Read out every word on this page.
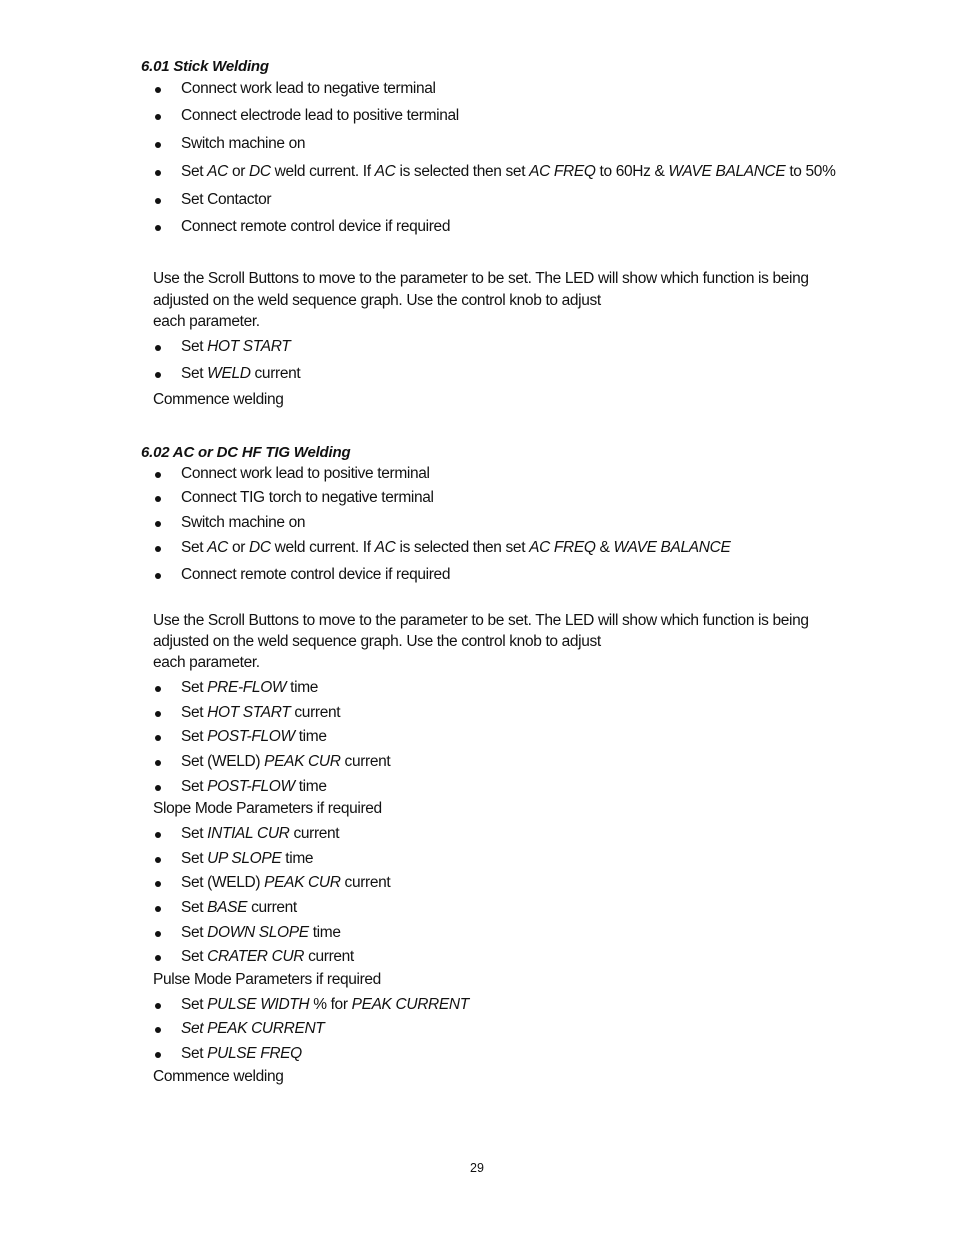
6.01 Stick Welding
Connect work lead to negative terminal
Connect electrode lead to positive terminal
Switch machine on
Set AC or DC weld current. If AC is selected then set AC FREQ to 60Hz & WAVE BALANCE to 50%
Set Contactor
Connect remote control device if required
Use the Scroll Buttons to move to the parameter to be set. The LED will show which function is being
adjusted on the weld sequence graph. Use the control knob to adjust
each parameter.
Set HOT START
Set WELD current
Commence welding
6.02 AC or DC HF TIG Welding
Connect work lead to positive terminal
Connect TIG torch to negative terminal
Switch machine on
Set AC or DC weld current. If AC is selected then set AC FREQ & WAVE BALANCE
Connect remote control device if required
Use the Scroll Buttons to move to the parameter to be set. The LED will show which function is being
adjusted on the weld sequence graph. Use the control knob to adjust
each parameter.
Set PRE-FLOW time
Set HOT START current
Set POST-FLOW time
Set (WELD) PEAK CUR current
Set POST-FLOW time
Slope Mode Parameters if required
Set INTIAL CUR current
Set UP SLOPE time
Set (WELD) PEAK CUR current
Set BASE current
Set DOWN SLOPE time
Set CRATER CUR current
Pulse Mode Parameters if required
Set PULSE WIDTH % for PEAK CURRENT
Set PEAK CURRENT
Set PULSE FREQ
Commence welding
29
